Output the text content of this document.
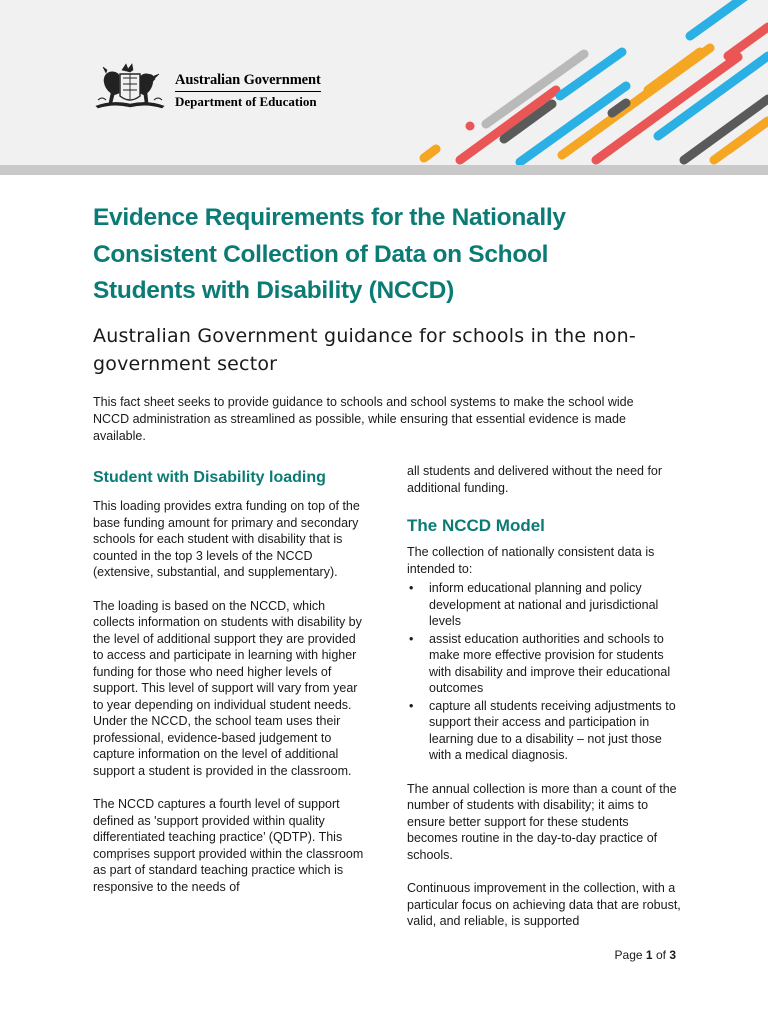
Australian Government
Department of Education
Evidence Requirements for the Nationally Consistent Collection of Data on School Students with Disability (NCCD)
Australian Government guidance for schools in the non-government sector

This fact sheet seeks to provide guidance to schools and school systems to make the school wide NCCD administration as streamlined as possible, while ensuring that essential evidence is made available.

Student with Disability loading

This loading provides extra funding on top of the base funding amount for primary and secondary schools for each student with disability that is counted in the top 3 levels of the NCCD (extensive, substantial, and supplementary).

The loading is based on the NCCD, which collects information on students with disability by the level of additional support they are provided to access and participate in learning with higher funding for those who need higher levels of support. This level of support will vary from year to year depending on individual student needs. Under the NCCD, the school team uses their professional, evidence-based judgement to capture information on the level of additional support a student is provided in the classroom.

The NCCD captures a fourth level of support defined as 'support provided within quality differentiated teaching practice’ (QDTP). This comprises support provided within the classroom as part of standard teaching practice which is responsive to the needs of

all students and delivered without the need for additional funding.

The NCCD Model

The collection of nationally consistent data is intended to:

• inform educational planning and policy development at national and jurisdictional levels
• assist education authorities and schools to make more effective provision for students with disability and improve their educational outcomes
• capture all students receiving adjustments to support their access and participation in learning due to a disability – not just those with a medical diagnosis.

The annual collection is more than a count of the number of students with disability; it aims to ensure better support for these students becomes routine in the day-to-day practice of schools.

Continuous improvement in the collection, with a particular focus on achieving data that are robust, valid, and reliable, is supported

Page 1 of 3
